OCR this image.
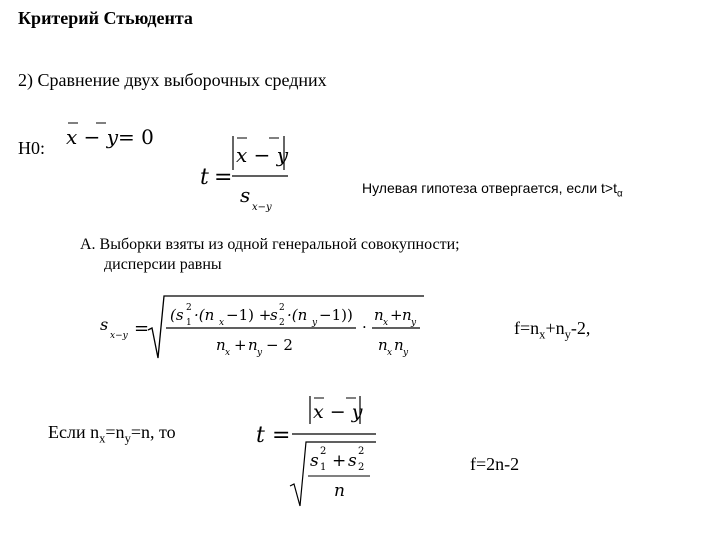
Критерий Стьюдента
2) Сравнение двух выборочных средних
H0: x − y = 0
t =
x − y
s
x−y
Нулевая гипотеза отвергается, если $t>t_\alpha$
А. Выборки взяты из одной генеральной совокупности;
дисперсии равны
s
x−y =
(s 2
1 ·(n x −1) +
s 2
2 ·(n y −1))
n x + n y − 2
·
n x + n y
n x n y
$f=n_x+n_y-2$,
Если $n_x=n_y=n$, то	t =
x − y
s 2
1 + s 2
2
n
f=2n-2
